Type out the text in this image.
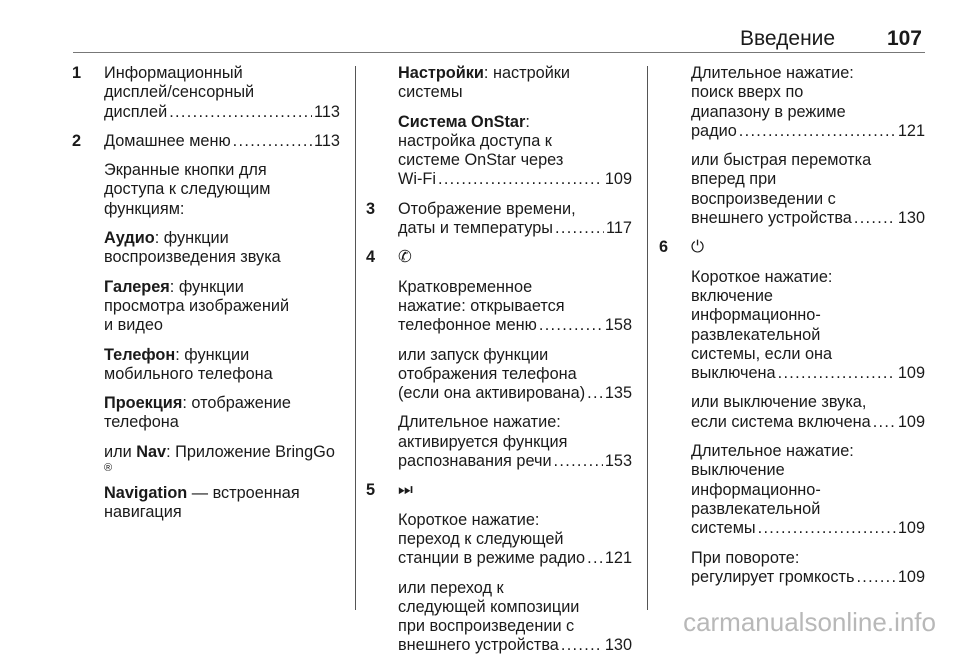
Введение 107
1 Информационный
дисплей/сенсорный
дисплей . . .	113
2 Домашнее меню . . .	113
Экранные кнопки для
доступа к следующим
функциям:
Аудио: функции
воспроизведения звука
Галерея: функции
просмотра изображений
и видео
Телефон: функции
мобильного телефона
Проекция: отображение
телефона
или Nav: Приложение BringGo
®
Navigation — встроенная
навигация
Настройки: настройки системы
Система OnStar:
настройка доступа к
системе OnStar через
Wi-Fi . . .	109
3 Отображение времени,
даты и температуры . . .	117
4 ✆
Кратковременное
нажатие: открывается
телефонное меню . . .	158
или запуск функции
отображения телефона
(если она активирована) . . . 135
Длительное нажатие:
активируется функция
распознавания речи . . .	153
5 ⏭
Короткое нажатие:
переход к следующей
станции в режиме радио . . . 121
или переход к
следующей композиции
при воспроизведении с
внешнего устройства . . .	130
Длительное нажатие:
поиск вверх по
диапазону в режиме
радио . . .	121
или быстрая перемотка
вперед при
воспроизведении с
внешнего устройства . . .	130
6 ⏻
Короткое нажатие:
включение
информационно-
развлекательной
системы, если она
выключена . . .	109
или выключение звука,
если система включена . . . 109
Длительное нажатие:
выключение
информационно-
развлекательной
системы . . .	109
При повороте:
регулирует громкость . . .	109
carmanualsonline.info
